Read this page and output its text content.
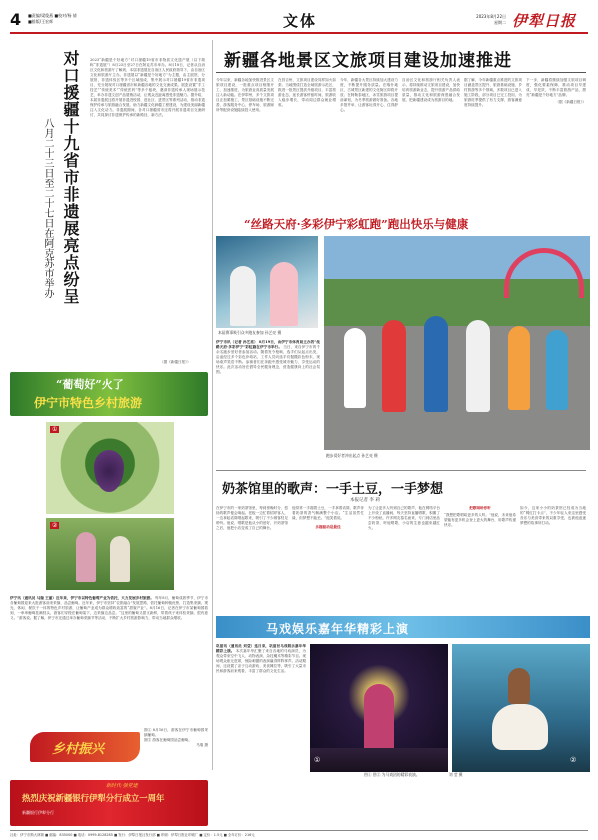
4 ■责编/梁俊燕 ■校对/杨 倩
■排版/王宏辉	文体	2023年8月22日
星期二 伊犁日报
对口援疆十九省市非遗展亮点纷呈
八月二十三日至二十七日在阿克苏市举办
2023“新疆是个好地方”对口援疆19省市非物质文化遗产展（以下简称“非遗展”）8月23日至27日在阿克苏市举办。8月18日，记者从自治区文化和旅游厅了解到，本届非遗展在自治区人民政府指导下，由自治区文化和旅游厅主办。非遗展以“新疆是个好地方”为主题，由主展馆、分展馆、非遗体验区等多个区域组成，集中展示对口援疆19省市非遗项目，充分展现对口援疆省市和新疆各地的文化交流成果。展览设置“手工技艺”“传统美术”“传统医药”等多个板块，邀请非遗传承人现场展示技艺，举办非遗文创产品展销活动，让观众近距离感受非遗魅力。据介绍，本届非遗展还将开展非遗进校园、进社区、进景区等系列活动，推动非遗保护传承与旅游融合发展，助力新疆文化润疆工程建设，为建设美丽新疆注入文化动力。非遗展期间，各对口援疆省市还将开展非遗项目交流研讨，共同探讨非遗保护传承的新路径、新方法。
（据《新疆日报》）
“葡萄好”火了
伊宁市特色乡村旅游
①
②
伊宁讯（通讯员 马瑞 王丽）近年来，伊宁市以特色葡萄产业为依托，大力发展乡村旅游。 每年8月，葡萄成熟季节，伊宁市各葡萄园迎来大批游客前来采摘、品尝葡萄。近年来，伊宁市坚持“农旅融合”发展思路，依托葡萄种植优势，打造集采摘、观光、休闲、餐饮于一体的特色乡村旅游，让葡萄产业成为群众增收致富的“甜蜜产业”。8月16日，记者在伊宁市某葡萄园看到，一串串葡萄挂满枝头，游客们穿梭在葡萄架下，边采摘边品尝。“这里的葡萄又甜又新鲜，带着孩子来体验采摘，很有意义。”游客说。据了解，伊宁市还通过举办葡萄采摘节等活动，不断扩大乡村旅游影响力，带动当地群众增收。
乡村振兴
图① 8月16日，游客在伊宁市葡萄园采摘葡萄。
图② 游客在葡萄园品尝葡萄。
马瑞 摄
新疆各地景区文旅项目建设加速推进
今年以来，新疆各地加快推进景区文旅项目建设，一批重点项目相继开工、加速推进，为旅游业高质量发展注入新动能。在伊犁州，多个文旅项目正加紧施工，景区基础设施不断完善，游客服务中心、停车场、旅游厕所等配套设施陆续投入使用。
在昌吉州，文旅项目建设同样如火如荼。当地围绕打造全域旅游示范区，推进一批景区提质升级项目，丰富旅游业态，延长游客停留时间，旅游收入稳步增长，带动周边群众就业增收。
今年，新疆各大景区持续加大建设力度，不断提升服务质量。在喀什地区，古城景区新建的文化街区即将开放；在阿勒泰地区，冰雪旅游项目提前谋划，为冬季旅游做好准备。各地多措并举，让游客玩得开心、住得舒心。
自治区文化和旅游厅相关负责人表示，将持续推动文旅项目建设，加快培育旅游新业态，提升旅游产品供给质量，推动文化和旅游深度融合发展，把新疆建设成为旅游目的地。
据了解，今年新疆重点推进的文旅项目涵盖景区提升、旅游基础设施、乡村旅游等多个领域，多数项目已进入施工阶段，部分项目已完工投用，为旅游旺季提供了有力支撑，游客满意度持续提升。
下一步，新疆将继续加强文旅项目调度，强化要素保障，推动项目早建成、早见效，不断丰富旅游产品，擦亮“新疆是个好地方”品牌。
（据《新疆日报》）
“丝路天府·多彩伊宁彩虹跑”跑出快乐与健康
本届赛事吸引众多跑友参加 孙艺亮 摄
跑步爱好者冲出起点 孙艺亮 摄
伊宁市讯（记者 孙艺亮） 8月19日，由伊宁市体育局主办的“丝路天府·多彩伊宁”彩虹跑在伊宁市举行。 当日，来自伊宁市的千余名跑步爱好者参加活动。随着发令枪响，选手们从起点出发，沿途经过多个彩色补给站，工作人员向选手们抛撒彩色粉末，现场欢声笑语不断。参赛者们在奔跑中感受城市魅力，享受运动的快乐。此次活动旨在倡导全民健身理念，营造健康向上的社会氛围。
奶茶馆里的歌声：一手土豆，一手梦想
本报记者 李 莉
在伊宁市的一家奶茶馆里，每到傍晚时分，悠扬的歌声便会响起。老板一边忙着招呼客人，一边拿起话筒唱起歌来，吸引了不少顾客驻足聆听。他说，唱歌是他从小的爱好，开奶茶馆之后，他把小店变成了自己的舞台。
他常常一手端着土豆，一手拿着话筒，歌声伴着奶茶的香气飘满整个小店。“生活虽然忙碌，但梦想不能丢。”他笑着说。
乐趣驱动是最佳
为了让更多人听到自己的歌声，他在网络平台上开设了直播间，每天坚持直播唱歌，积累了不少粉丝。许多网友慕名而来，专门到店里品尝奶茶、听他唱歌，小店的生意也越来越红火。
把歌唱给你听
“我想把歌唱给更多的人听。”他说，未来他希望能有更多机会登上更大的舞台，用歌声传递快乐。
如今，这家小小的奶茶馆已经成为当地的“网红打卡点”，不少年轻人来这里感受音乐与美食带来的双重享受，也被他追逐梦想的故事所打动。
马戏娱乐嘉年华精彩上演
巩留讯（通讯员 刘莹）连日来，巩留县马戏娱乐嘉年华精彩上演。 本次嘉年华汇聚了来自各地的马戏演员，为观众带来空中飞人、动物表演、杂技魔术等精彩节目。现场观众座无虚席，惊险刺激的表演赢得阵阵掌声。活动期间，还设置了亲子互动游戏、美食摊位等，吸引了大量市民和游客前来观看，丰富了群众的文化生活。
①	②
图① 图② 为马戏团的精彩表演。	刘 莹 摄
新时代·强党建
热烈庆祝新疆银行伊犁分行成立一周年
新疆银行伊犁分行
社址：伊宁市斯大林街 ■ 邮编：835000 ■ 电话：0999-8128285 ■ 发行：伊犁日报社发行部 ■ 印刷：伊犁日报社印刷厂 ■ 定价：1.5元 ■ 全年订价：216元
